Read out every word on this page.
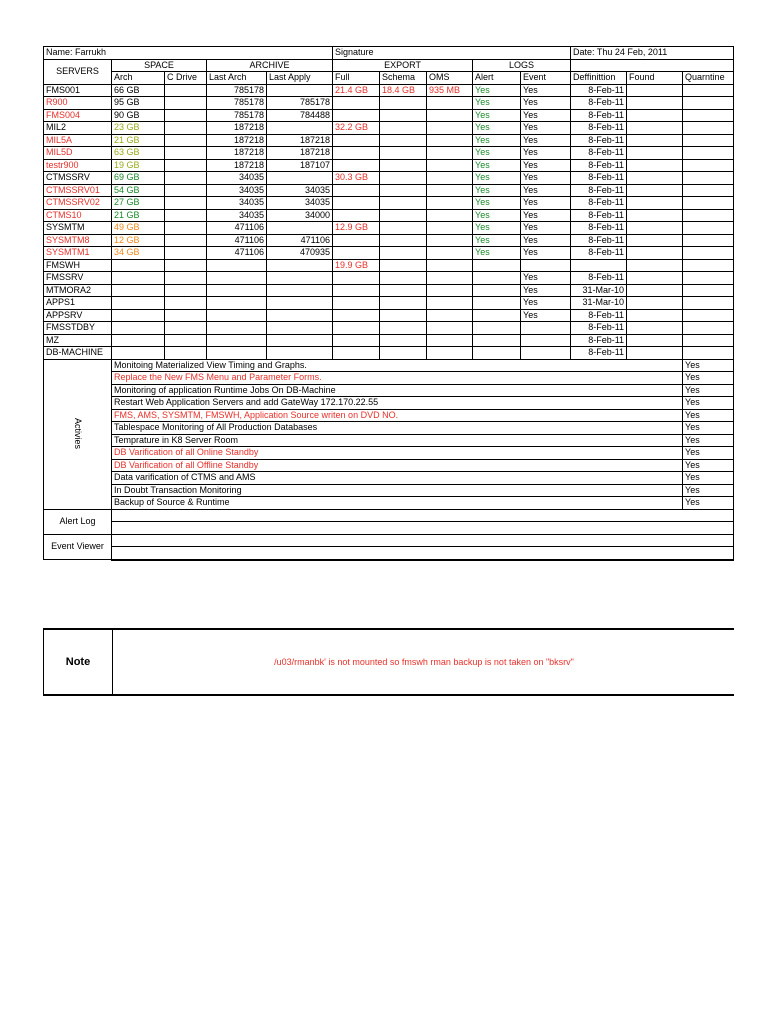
Name: Farrukh					Signature					Date: Thu 24 Feb, 2011		
SERVERS	SPACE		ARCHIVE		EXPORT			LOGS				
	Arch	C Drive	Last Arch	Last Apply	Full	Schema	OMS	Alert	Event	Deffinittion	Found	Quarntine
FMS001	66 GB		785178		21.4 GB	18.4 GB	935 MB	Yes	Yes	8-Feb-11		
R900	95 GB		785178	785178				Yes	Yes	8-Feb-11		
FMS004	90 GB		785178	784488				Yes	Yes	8-Feb-11		
MIL2	23 GB		187218		32.2 GB			Yes	Yes	8-Feb-11		
MIL5A	21 GB		187218	187218				Yes	Yes	8-Feb-11		
MIL5D	63 GB		187218	187218				Yes	Yes	8-Feb-11		
testr900	19 GB		187218	187107				Yes	Yes	8-Feb-11		
CTMSSRV	69 GB		34035		30.3 GB			Yes	Yes	8-Feb-11		
CTMSSRV01	54 GB		34035	34035				Yes	Yes	8-Feb-11		
CTMSSRV02	27 GB		34035	34035				Yes	Yes	8-Feb-11		
CTMS10	21 GB		34035	34000				Yes	Yes	8-Feb-11		
SYSMTM	49 GB		471106		12.9 GB			Yes	Yes	8-Feb-11		
SYSMTM8	12 GB		471106	471106				Yes	Yes	8-Feb-11		
SYSMTM1	34 GB		471106	470935				Yes	Yes	8-Feb-11		
FMSWH					19.9 GB							
FMSSRV									Yes	8-Feb-11		
MTMORA2									Yes	31-Mar-10		
APPS1									Yes	31-Mar-10		
APPSRV									Yes	8-Feb-11		
FMSSTDBY										8-Feb-11		
MZ										8-Feb-11		
DB-MACHINE										8-Feb-11		
Activies	Monitoing Materialized View Timing and Graphs.											Yes
	Replace the New FMS Menu and Parameter Forms.											Yes
	Monitoring of application Runtime Jobs On DB-Machine											Yes
	Restart Web Application Servers and add GateWay 172.170.22.55											Yes
	FMS, AMS, SYSMTM, FMSWH, Application Source writen on DVD NO.											Yes
	Tablespace Monitoring of All Production Databases											Yes
	Temprature in K8 Server Room											Yes
	DB Varification of all Online Standby											Yes
	DB Varification of all Offline Standby											Yes
	Data varification of CTMS and AMS											Yes
	In Doubt Transaction Monitoring											Yes
	Backup of Source & Runtime											Yes
Alert Log												

Event Viewer												

Note	/u03/rmanbk' is not mounted so fmswh rman backup is not taken on "bksrv"
